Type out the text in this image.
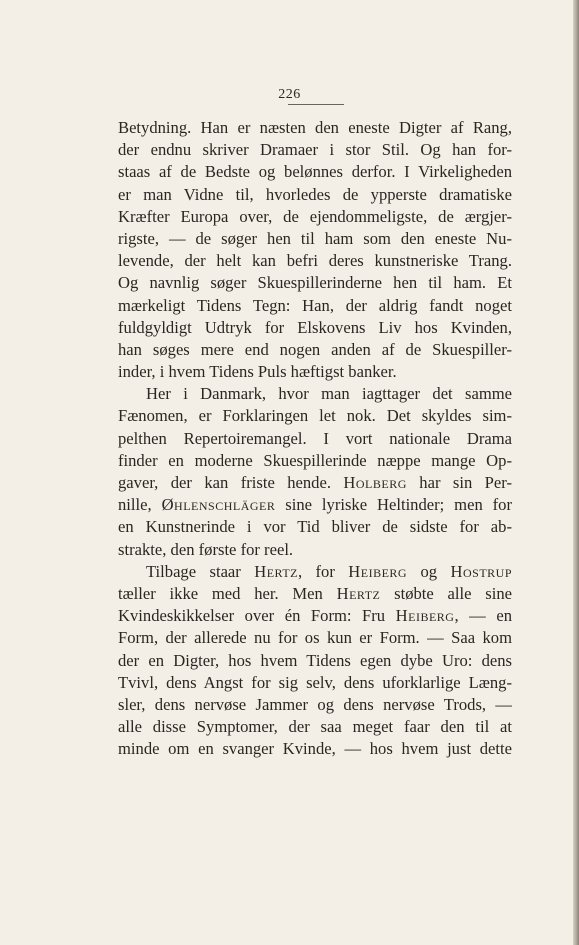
226
Betydning. Han er næsten den eneste Digter af Rang,
der endnu skriver Dramaer i stor Stil. Og han for-
staas af de Bedste og belønnes derfor. I Virkeligheden
er man Vidne til, hvorledes de ypperste dramatiske
Kræfter Europa over, de ejendommeligste, de ærgjer-
rigste, — de søger hen til ham som den eneste Nu-
levende, der helt kan befri deres kunstneriske Trang.
Og navnlig søger Skuespillerinderne hen til ham. Et
mærkeligt Tidens Tegn: Han, der aldrig fandt noget
fuldgyldigt Udtryk for Elskovens Liv hos Kvinden,
han søges mere end nogen anden af de Skuespiller-
inder, i hvem Tidens Puls hæftigst banker.
Her i Danmark, hvor man iagttager det samme
Fænomen, er Forklaringen let nok. Det skyldes sim-
pelthen Repertoiremangel. I vort nationale Drama
finder en moderne Skuespillerinde næppe mange Op-
gaver, der kan friste hende. Holberg har sin Per-
nille, Øhlenschläger sine lyriske Heltinder; men for
en Kunstnerinde i vor Tid bliver de sidste for ab-
strakte, den første for reel.
Tilbage staar Hertz, for Heiberg og Hostrup
tæller ikke med her. Men Hertz støbte alle sine
Kvindeskikkelser over én Form: Fru Heiberg, — en
Form, der allerede nu for os kun er Form. — Saa kom
der en Digter, hos hvem Tidens egen dybe Uro: dens
Tvivl, dens Angst for sig selv, dens uforklarlige Læng-
sler, dens nervøse Jammer og dens nervøse Trods, —
alle disse Symptomer, der saa meget faar den til at
minde om en svanger Kvinde, — hos hvem just dette
